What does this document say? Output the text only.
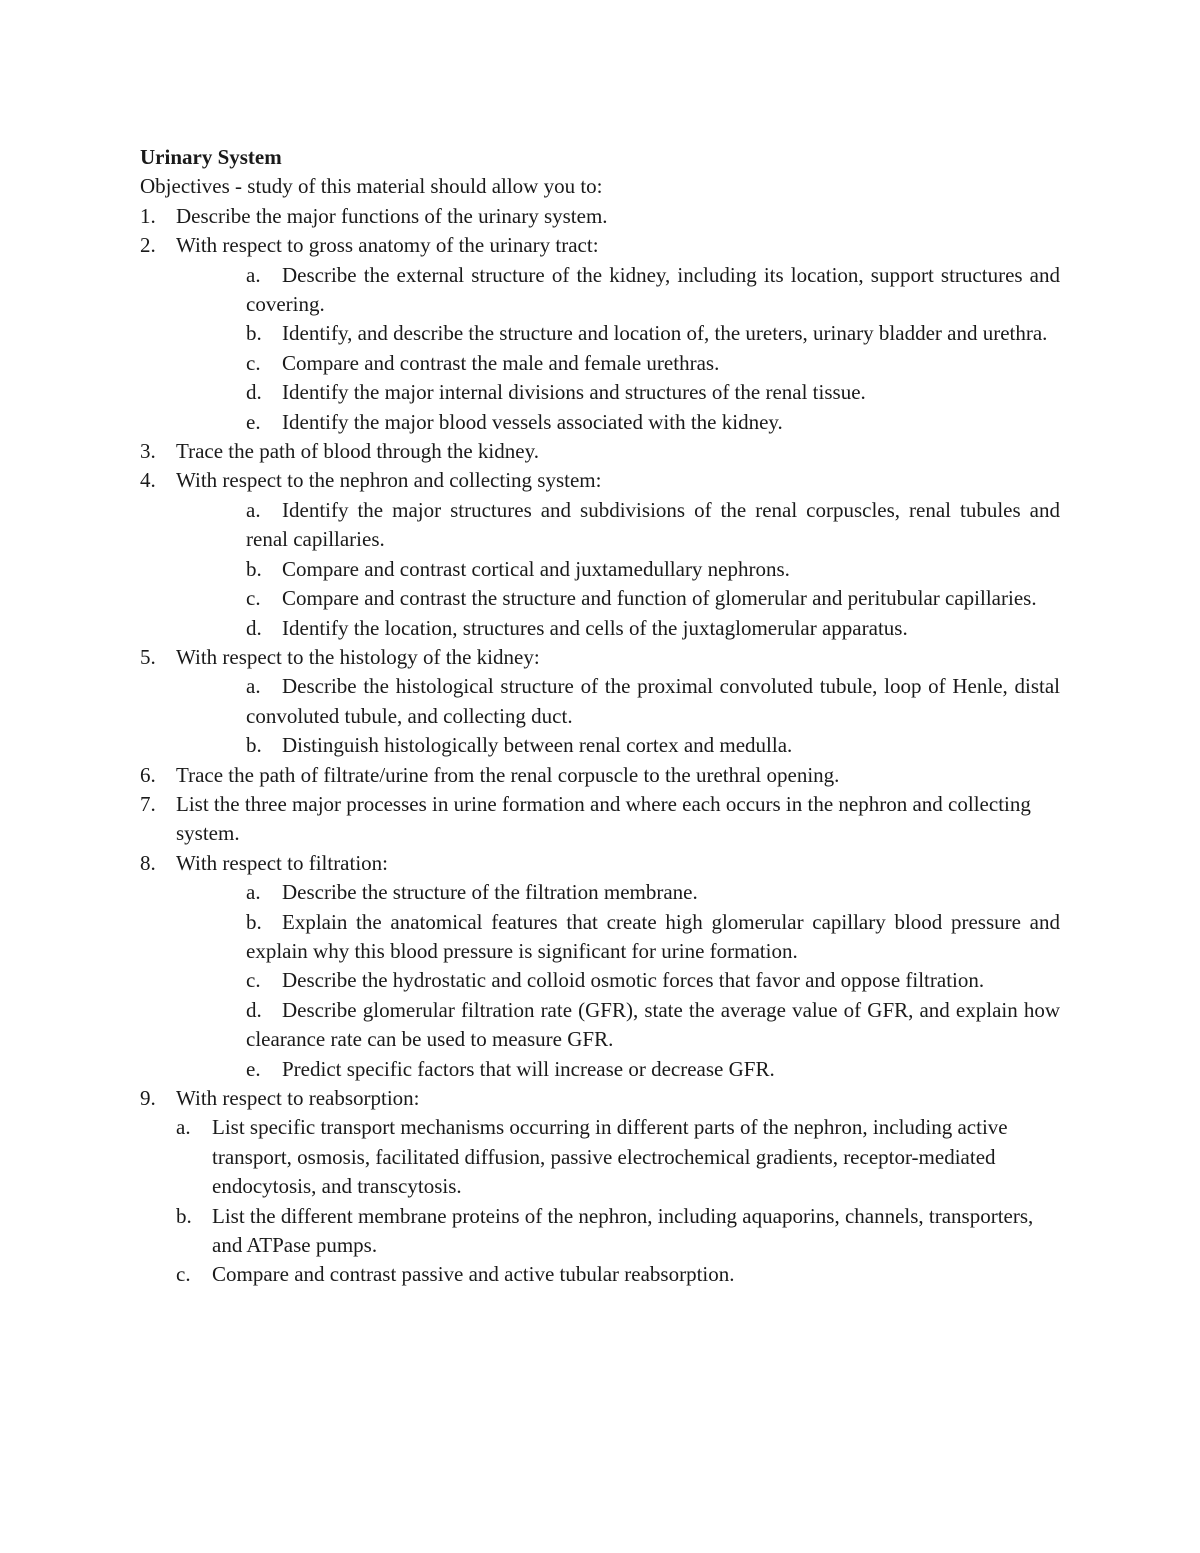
Urinary System

Objectives - study of this material should allow you to:

1. Describe the major functions of the urinary system.
2. With respect to gross anatomy of the urinary tract:
a. Describe the external structure of the kidney, including its location, support structures and covering.
b. Identify, and describe the structure and location of, the ureters, urinary bladder and urethra.
c. Compare and contrast the male and female urethras.
d. Identify the major internal divisions and structures of the renal tissue.
e. Identify the major blood vessels associated with the kidney.
3. Trace the path of blood through the kidney.
4. With respect to the nephron and collecting system:
a. Identify the major structures and subdivisions of the renal corpuscles, renal tubules and renal capillaries.
b. Compare and contrast cortical and juxtamedullary nephrons.
c. Compare and contrast the structure and function of glomerular and peritubular capillaries.
d. Identify the location, structures and cells of the juxtaglomerular apparatus.
5. With respect to the histology of the kidney:
a. Describe the histological structure of the proximal convoluted tubule, loop of Henle, distal convoluted tubule, and collecting duct.
b. Distinguish histologically between renal cortex and medulla.
6. Trace the path of filtrate/urine from the renal corpuscle to the urethral opening.
7. List the three major processes in urine formation and where each occurs in the nephron and collecting system.
8. With respect to filtration:
a. Describe the structure of the filtration membrane.
b. Explain the anatomical features that create high glomerular capillary blood pressure and explain why this blood pressure is significant for urine formation.
c. Describe the hydrostatic and colloid osmotic forces that favor and oppose filtration.
d. Describe glomerular filtration rate (GFR), state the average value of GFR, and explain how clearance rate can be used to measure GFR.
e. Predict specific factors that will increase or decrease GFR.
9. With respect to reabsorption:
a.	List specific transport mechanisms occurring in different parts of the nephron, including active transport, osmosis, facilitated diffusion, passive electrochemical gradients, receptor-mediated endocytosis, and transcytosis.
b. List the different membrane proteins of the nephron, including aquaporins, channels, transporters, and ATPase pumps.
c.	Compare and contrast passive and active tubular reabsorption.
